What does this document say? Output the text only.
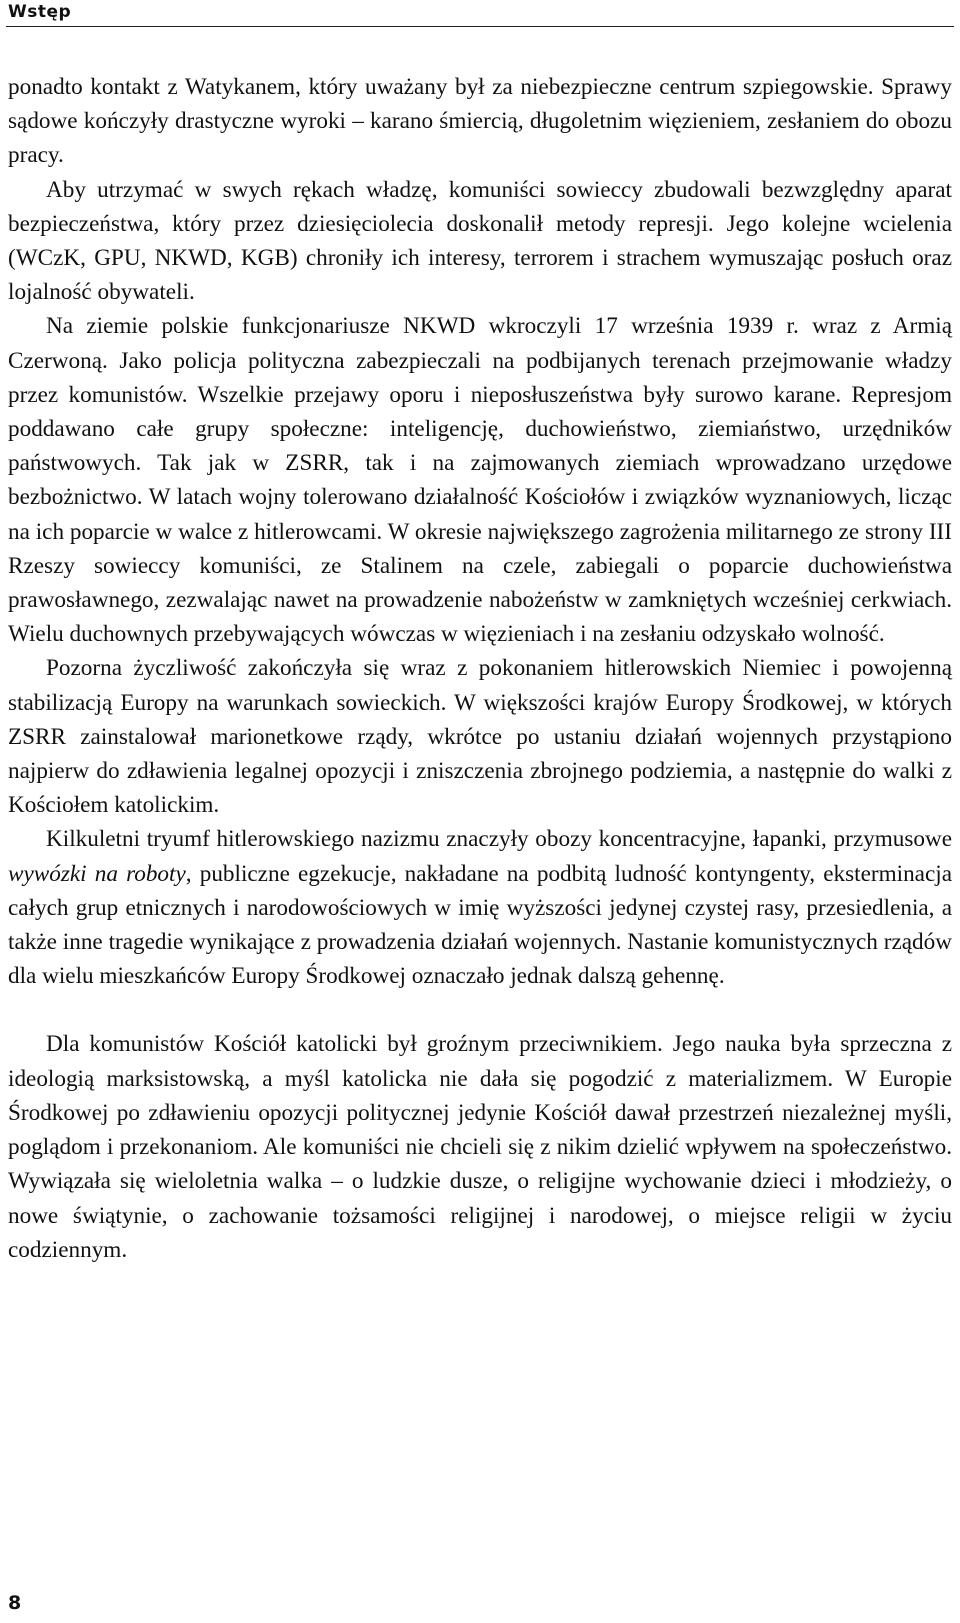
Wstęp

ponadto kontakt z Watykanem, który uważany był za niebezpieczne centrum szpiegowskie. Sprawy sądowe kończyły drastyczne wyroki – karano śmiercią, długoletnim więzieniem, zesłaniem do obozu pracy.

Aby utrzymać w swych rękach władzę, komuniści sowieccy zbudowali bezwzględny aparat bezpieczeństwa, który przez dziesięciolecia doskonalił metody represji. Jego kolejne wcielenia (WCzK, GPU, NKWD, KGB) chroniły ich interesy, terrorem i strachem wymuszając posłuch oraz lojalność obywateli.

Na ziemie polskie funkcjonariusze NKWD wkroczyli 17 września 1939 r. wraz z Armią Czerwoną. Jako policja polityczna zabezpieczali na podbijanych terenach przejmowanie władzy przez komunistów. Wszelkie przejawy oporu i nieposłuszeństwa były surowo karane. Represjom poddawano całe grupy społeczne: inteligencję, duchowieństwo, ziemiaństwo, urzędników państwowych. Tak jak w ZSRR, tak i na zajmowanych ziemiach wprowadzano urzędowe bezbożnictwo. W latach wojny tolerowano działalność Kościołów i związków wyznaniowych, licząc na ich poparcie w walce z hitlerowcami. W okresie największego zagrożenia militarnego ze strony III Rzeszy sowieccy komuniści, ze Stalinem na czele, zabiegali o poparcie duchowieństwa prawosławnego, zezwalając nawet na prowadzenie nabożeństw w zamkniętych wcześniej cerkwiach. Wielu duchownych przebywających wówczas w więzieniach i na zesłaniu odzyskało wolność.

Pozorna życzliwość zakończyła się wraz z pokonaniem hitlerowskich Niemiec i powojenną stabilizacją Europy na warunkach sowieckich. W większości krajów Europy Środkowej, w których ZSRR zainstalował marionetkowe rządy, wkrótce po ustaniu działań wojennych przystąpiono najpierw do zdławienia legalnej opozycji i zniszczenia zbrojnego podziemia, a następnie do walki z Kościołem katolickim.

Kilkuletni tryumf hitlerowskiego nazizmu znaczyły obozy koncentracyjne, łapanki, przymusowe wywózki na roboty, publiczne egzekucje, nakładane na podbitą ludność kontyngenty, eksterminacja całych grup etnicznych i narodowościowych w imię wyższości jedynej czystej rasy, przesiedlenia, a także inne tragedie wynikające z prowadzenia działań wojennych. Nastanie komunistycznych rządów dla wielu mieszkańców Europy Środkowej oznaczało jednak dalszą gehennę.

Dla komunistów Kościół katolicki był groźnym przeciwnikiem. Jego nauka była sprzeczna z ideologią marksistowską, a myśl katolicka nie dała się pogodzić z materializmem. W Europie Środkowej po zdławieniu opozycji politycznej jedynie Kościół dawał przestrzeń niezależnej myśli, poglądom i przekonaniom. Ale komuniści nie chcieli się z nikim dzielić wpływem na społeczeństwo. Wywiązała się wieloletnia walka – o ludzkie dusze, o religijne wychowanie dzieci i młodzieży, o nowe świątynie, o zachowanie tożsamości religijnej i narodowej, o miejsce religii w życiu codziennym.

8
